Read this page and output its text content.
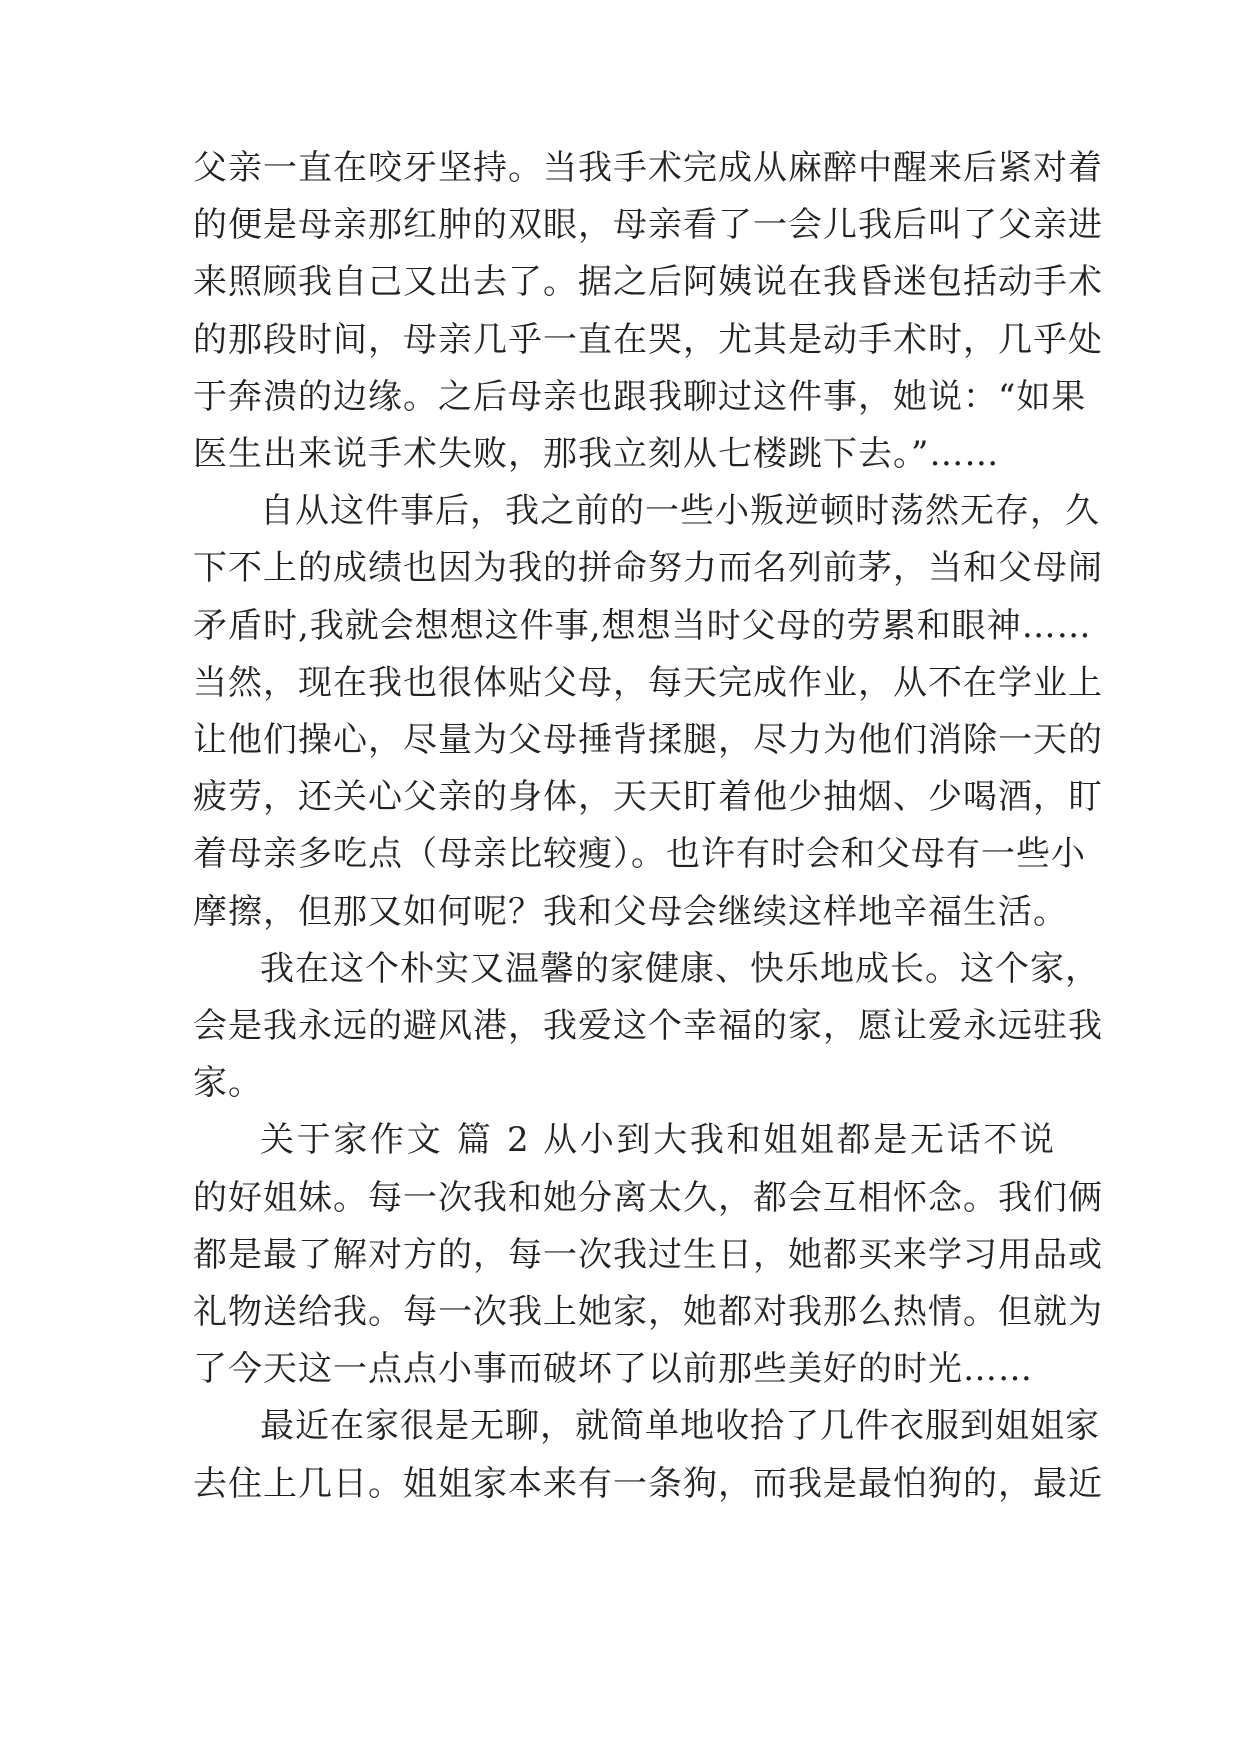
父亲一直在咬牙坚持。当我手术完成从麻醉中醒来后紧对着
的便是母亲那红肿的双眼，母亲看了一会儿我后叫了父亲进
来照顾我自己又出去了。据之后阿姨说在我昏迷包括动手术
的那段时间，母亲几乎一直在哭，尤其是动手术时，几乎处
于奔溃的边缘。之后母亲也跟我聊过这件事，她说：“如果
医生出来说手术失败，那我立刻从七楼跳下去。”……
自从这件事后，我之前的一些小叛逆顿时荡然无存，久
下不上的成绩也因为我的拼命努力而名列前茅，当和父母闹
矛盾时,我就会想想这件事,想想当时父母的劳累和眼神……
当然，现在我也很体贴父母，每天完成作业，从不在学业上
让他们操心，尽量为父母捶背揉腿，尽力为他们消除一天的
疲劳，还关心父亲的身体，天天盯着他少抽烟、少喝酒，盯
着母亲多吃点（母亲比较瘦）。也许有时会和父母有一些小
摩擦，但那又如何呢？我和父母会继续这样地辛福生活。
我在这个朴实又温馨的家健康、快乐地成长。这个家，
会是我永远的避风港，我爱这个幸福的家，愿让爱永远驻我
家。
关于家作文 篇 2 从小到大我和姐姐都是无话不说
的好姐妹。每一次我和她分离太久，都会互相怀念。我们俩
都是最了解对方的，每一次我过生日，她都买来学习用品或
礼物送给我。每一次我上她家，她都对我那么热情。但就为
了今天这一点点小事而破坏了以前那些美好的时光……
最近在家很是无聊，就简单地收拾了几件衣服到姐姐家
去住上几日。姐姐家本来有一条狗，而我是最怕狗的，最近
